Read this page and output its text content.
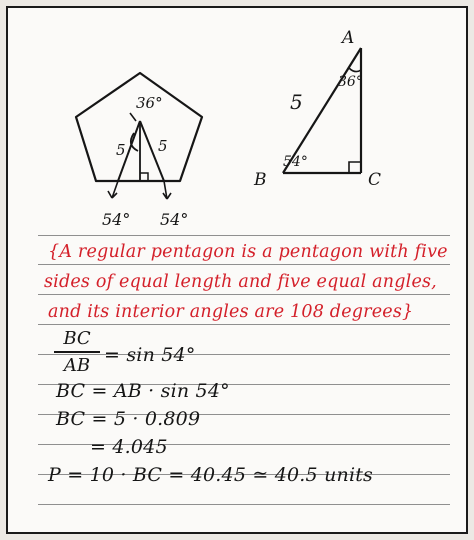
36°
5 5
54° 54°
A
B	C
36°
54°
5
{A regular pentagon is a pentagon with five
sides of equal length and five equal angles,
and its interior angles are 108 degrees}
BC
AB = sin 54°
BC = AB · sin 54°
BC = 5 · 0.809
= 4.045
P = 10 · BC = 40.45 ≃ 40.5 units
